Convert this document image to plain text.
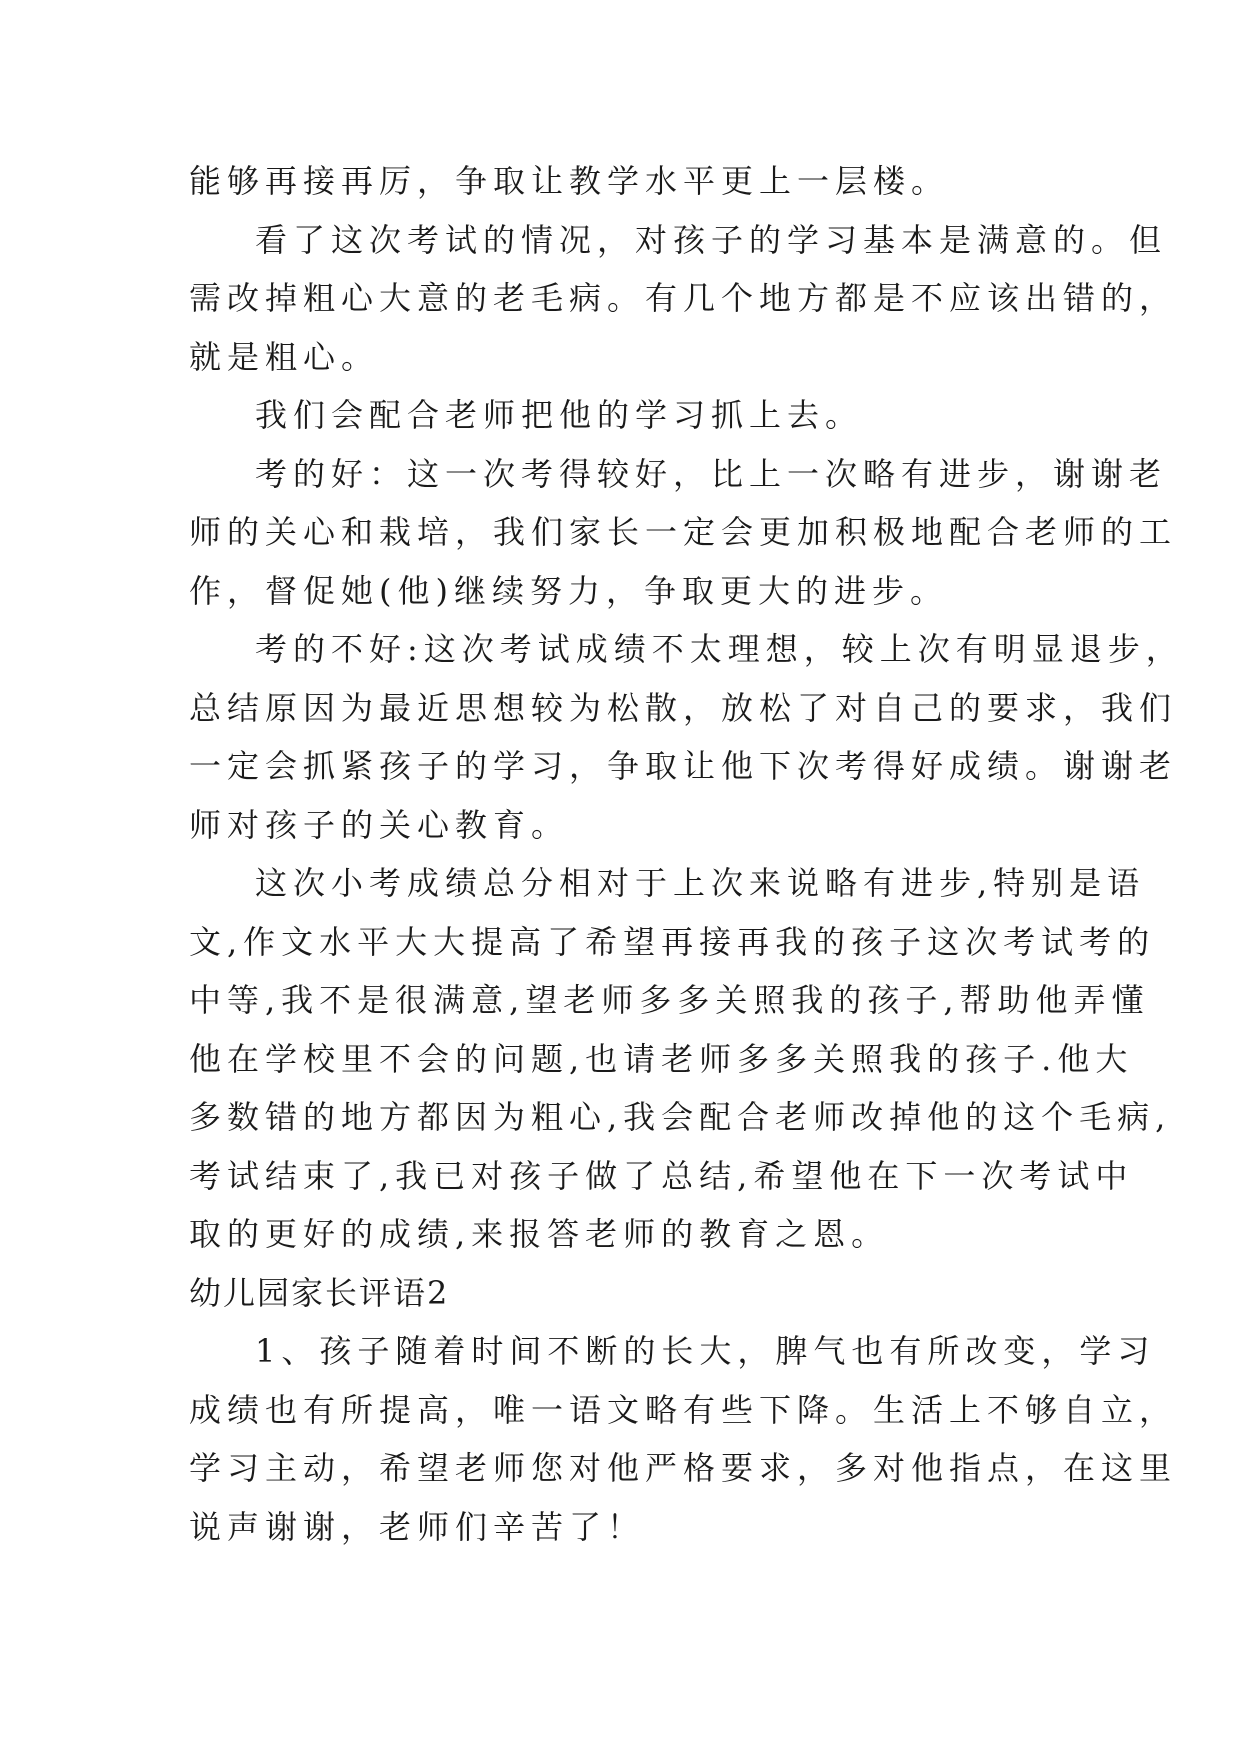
能够再接再厉，争取让教学水平更上一层楼。
看了这次考试的情况，对孩子的学习基本是满意的。但
需改掉粗心大意的老毛病。有几个地方都是不应该出错的，
就是粗心。
我们会配合老师把他的学习抓上去。
考的好：这一次考得较好，比上一次略有进步，谢谢老
师的关心和栽培，我们家长一定会更加积极地配合老师的工
作，督促她(他)继续努力，争取更大的进步。
考的不好:这次考试成绩不太理想，较上次有明显退步，
总结原因为最近思想较为松散，放松了对自己的要求，我们
一定会抓紧孩子的学习，争取让他下次考得好成绩。谢谢老
师对孩子的关心教育。
这次小考成绩总分相对于上次来说略有进步,特别是语
文,作文水平大大提高了希望再接再我的孩子这次考试考的
中等,我不是很满意,望老师多多关照我的孩子,帮助他弄懂
他在学校里不会的问题,也请老师多多关照我的孩子.他大
多数错的地方都因为粗心,我会配合老师改掉他的这个毛病,
考试结束了,我已对孩子做了总结,希望他在下一次考试中
取的更好的成绩,来报答老师的教育之恩。
幼儿园家长评语2
1、孩子随着时间不断的长大，脾气也有所改变，学习
成绩也有所提高，唯一语文略有些下降。生活上不够自立，
学习主动，希望老师您对他严格要求，多对他指点，在这里
说声谢谢，老师们辛苦了！
